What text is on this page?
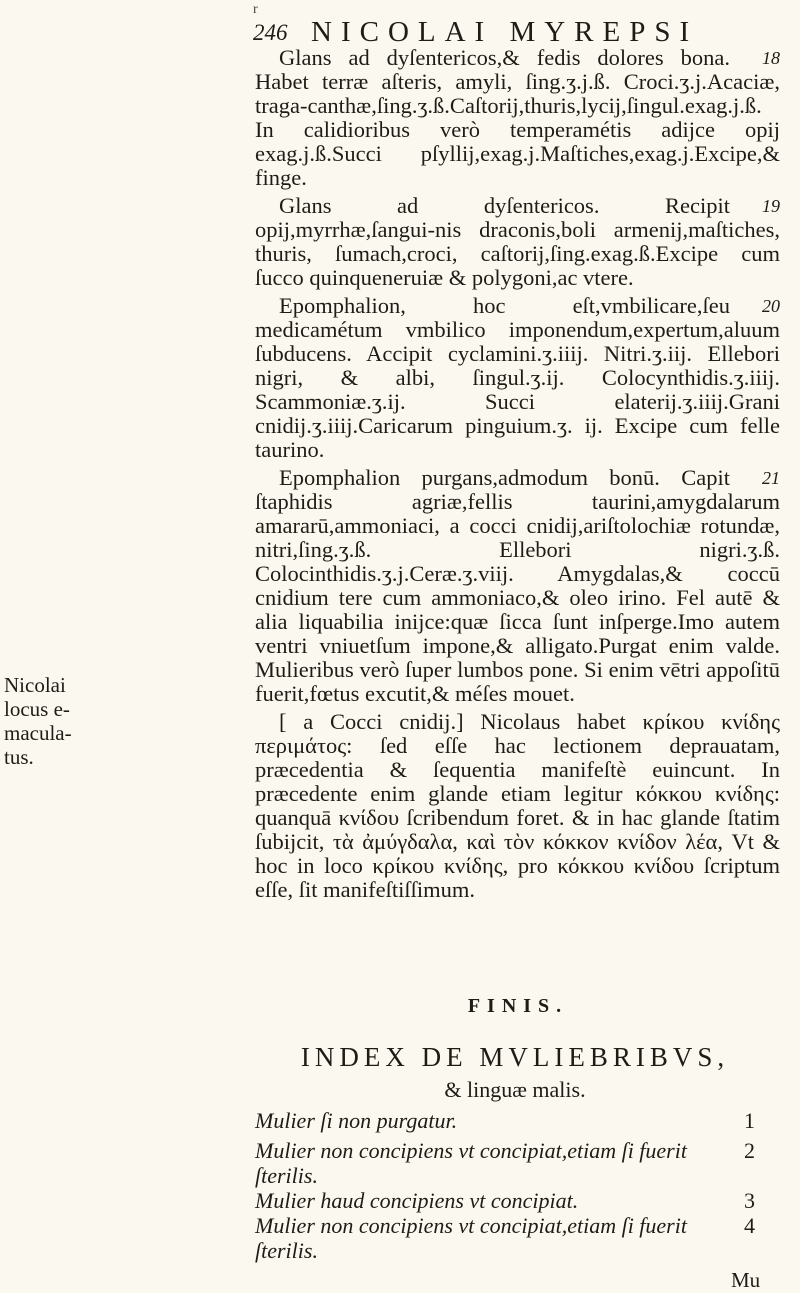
r
246 NICOLAI MYREPSI

18
Glans ad dyſentericos,& fedis dolores bona. Habet terræ aſteris, amyli, ſing.ʒ.j.ß. Croci.ʒ.j.Acaciæ, traga-canthæ,ſing.ʒ.ß.Caſtorij,thuris,lycij,ſingul.exag.j.ß. In calidioribus verò temperamétis adijce opij exag.j.ß.Succi pſyllij,exag.j.Maſtiches,exag.j.Excipe,& finge.

19
Glans ad dyſentericos. Recipit opij,myrrhæ,ſangui-nis draconis,boli armenij,maſtiches, thuris, ſumach,croci, caſtorij,ſing.exag.ß.Excipe cum ſucco quinqueneruiæ & polygoni,ac vtere.

20
Epomphalion, hoc eſt,vmbilicare,ſeu medicamétum vmbilico imponendum,expertum,aluum ſubducens. Accipit cyclamini.ʒ.iiij. Nitri.ʒ.iij. Ellebori nigri, & albi, ſingul.ʒ.ij. Colocynthidis.ʒ.iiij. Scammoniæ.ʒ.ij. Succi elaterij.ʒ.iiij.Grani cnidij.ʒ.iiij.Caricarum pinguium.ʒ. ij. Excipe cum felle taurino.

21
Epomphalion purgans,admodum bonū. Capit ſtaphidis agriæ,fellis taurini,amygdalarum amararū,ammoniaci, a cocci cnidij,ariſtolochiæ rotundæ, nitri,ſing.ʒ.ß. Ellebori nigri.ʒ.ß. Colocinthidis.ʒ.j.Ceræ.ʒ.viij. Amygdalas,& coccū cnidium tere cum ammoniaco,& oleo irino. Fel autē & alia liquabilia inijce:quæ ſicca ſunt inſperge.Imo autem ventri vniuetſum impone,& alligato.Purgat enim valde. Mulieribus verò ſuper lumbos pone. Si enim vētri appoſitū fuerit,fœtus excutit,& méſes mouet.

[ a Cocci cnidij.] Nicolaus habet κρίκου κνίδης περιμάτος: ſed eſſe hac lectionem deprauatam, præcedentia & ſequentia manifeſtè euincunt. In præcedente enim glande etiam legitur κόκκου κνίδης: quanquā κνίδου ſcribendum foret. & in hac glande ſtatim ſubijcit, τὰ ἀμύγδαλα, καὶ τὸν κόκκον κνίδον λέα, Vt & hoc in loco κρίκου κνίδης, pro κόκκου κνίδου ſcriptum eſſe, ſit manifeſtiſſimum.

Nicolai
locus e-
macula-
tus.
FINIS.
INDEX DE MVLIEBRIBVS,
& linguæ malis.
Mulier ſi non purgatur.	1
Mulier non concipiens vt concipiat,etiam ſi fuerit ſterilis.
2
Mulier haud concipiens vt concipiat.	3
Mulier non concipiens vt concipiat,etiam ſi fuerit ſterilis.
4
Mu
